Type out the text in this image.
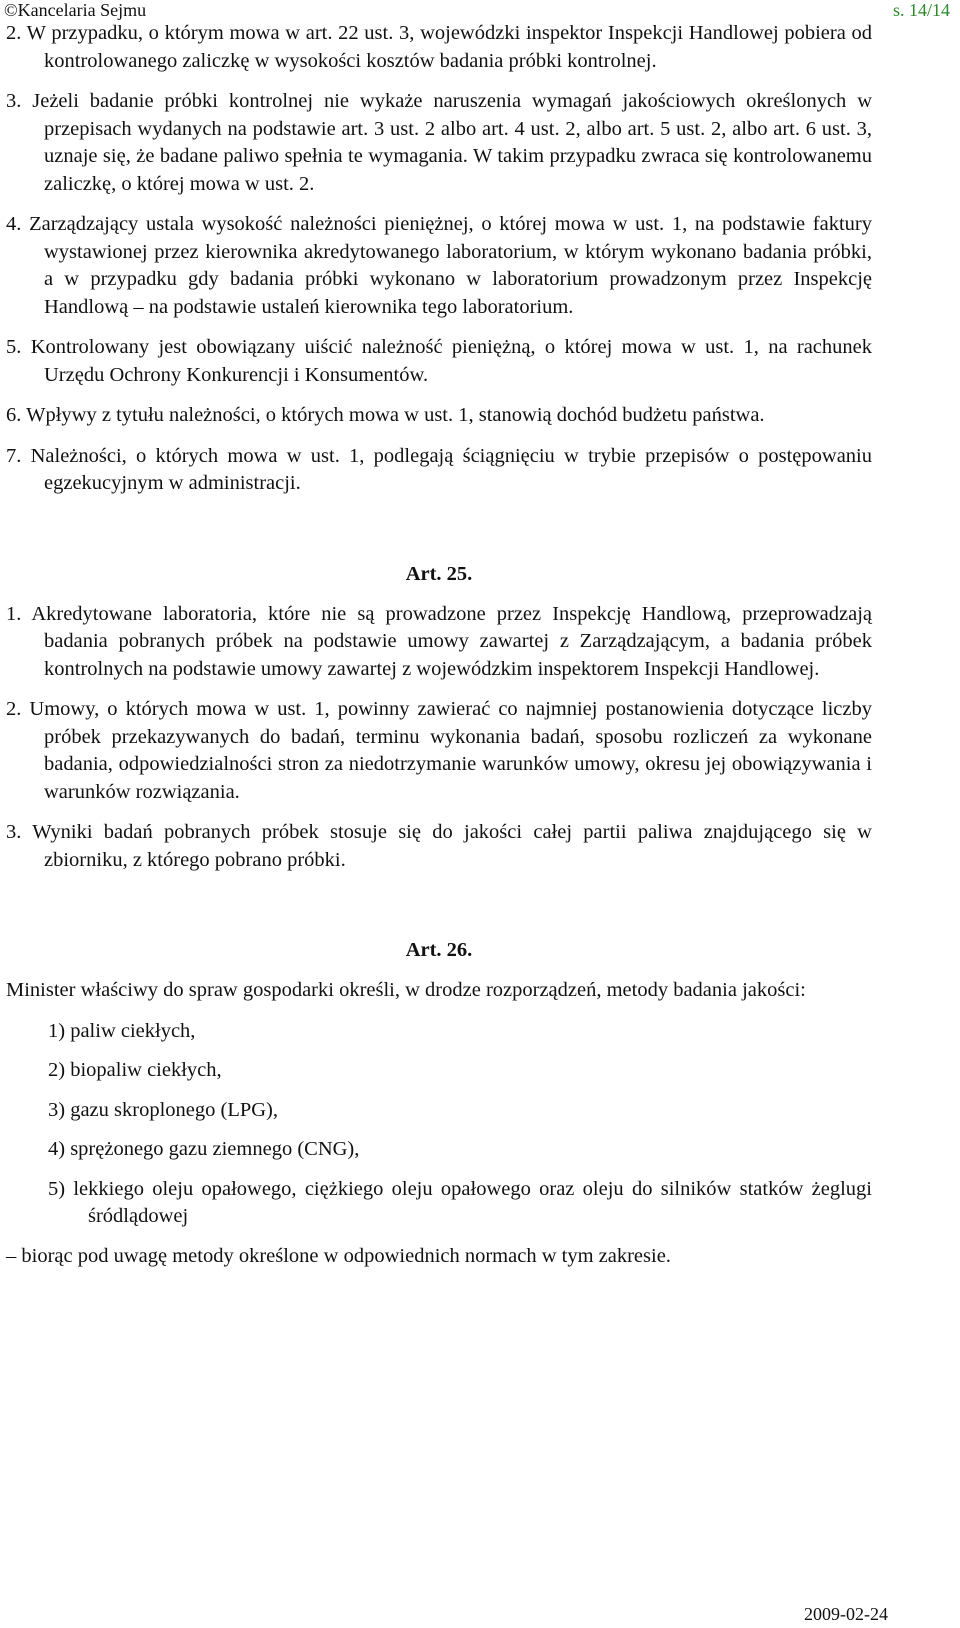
©Kancelaria Sejmu	s. 14/14

2. W przypadku, o którym mowa w art. 22 ust. 3, wojewódzki inspektor Inspekcji Handlowej pobiera od kontrolowanego zaliczkę w wysokości kosztów badania próbki kontrolnej.

3. Jeżeli badanie próbki kontrolnej nie wykaże naruszenia wymagań jakościowych określonych w przepisach wydanych na podstawie art. 3 ust. 2 albo art. 4 ust. 2, albo art. 5 ust. 2, albo art. 6 ust. 3, uznaje się, że badane paliwo spełnia te wymagania. W takim przypadku zwraca się kontrolowanemu zaliczkę, o której mowa w ust. 2.

4. Zarządzający ustala wysokość należności pieniężnej, o której mowa w ust. 1, na podstawie faktury wystawionej przez kierownika akredytowanego laboratorium, w którym wykonano badania próbki, a w przypadku gdy badania próbki wykonano w laboratorium prowadzonym przez Inspekcję Handlową – na podstawie ustaleń kierownika tego laboratorium.

5. Kontrolowany jest obowiązany uiścić należność pieniężną, o której mowa w ust. 1, na rachunek Urzędu Ochrony Konkurencji i Konsumentów.

6. Wpływy z tytułu należności, o których mowa w ust. 1, stanowią dochód budżetu państwa.

7. Należności, o których mowa w ust. 1, podlegają ściągnięciu w trybie przepisów o postępowaniu egzekucyjnym w administracji.

Art. 25.

1. Akredytowane laboratoria, które nie są prowadzone przez Inspekcję Handlową, przeprowadzają badania pobranych próbek na podstawie umowy zawartej z Zarządzającym, a badania próbek kontrolnych na podstawie umowy zawartej z wojewódzkim inspektorem Inspekcji Handlowej.

2. Umowy, o których mowa w ust. 1, powinny zawierać co najmniej postanowienia dotyczące liczby próbek przekazywanych do badań, terminu wykonania badań, sposobu rozliczeń za wykonane badania, odpowiedzialności stron za niedotrzymanie warunków umowy, okresu jej obowiązywania i warunków rozwiązania.

3. Wyniki badań pobranych próbek stosuje się do jakości całej partii paliwa znajdującego się w zbiorniku, z którego pobrano próbki.

Art. 26.

Minister właściwy do spraw gospodarki określi, w drodze rozporządzeń, metody badania jakości:

1) paliw ciekłych,
2) biopaliw ciekłych,
3) gazu skroplonego (LPG),
4) sprężonego gazu ziemnego (CNG),
5) lekkiego oleju opałowego, ciężkiego oleju opałowego oraz oleju do silników statków żeglugi śródlądowej

– biorąc pod uwagę metody określone w odpowiednich normach w tym zakresie.

2009-02-24
